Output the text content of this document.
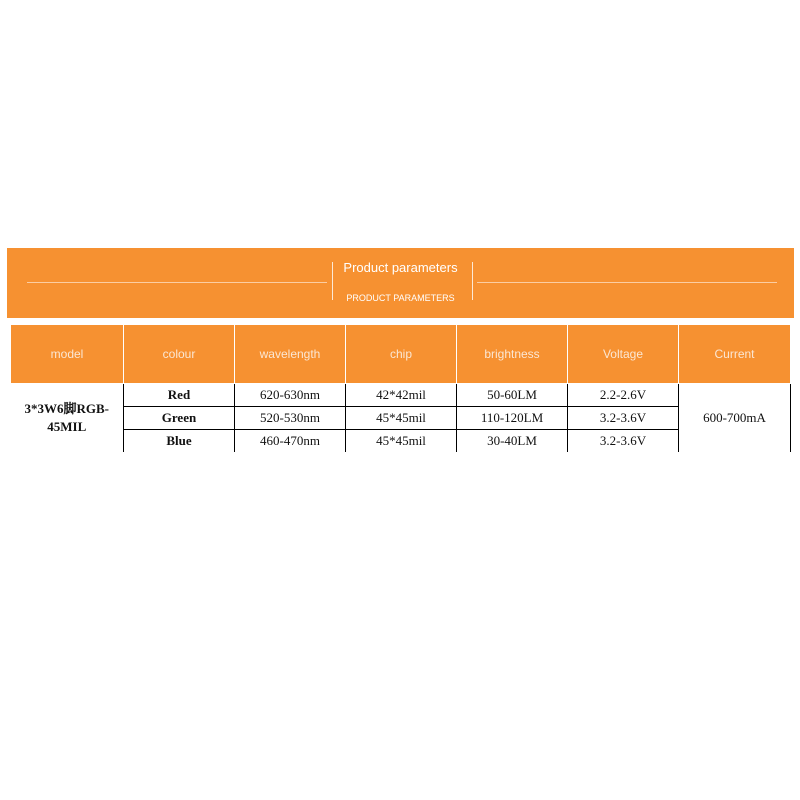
Product parameters
PRODUCT PARAMETERS
model	colour	wavelength	chip	brightness	Voltage	Current
3*3W6脚RGB-45MIL	Red	620-630nm	42*42mil	50-60LM	2.2-2.6V	600-700mA
	Green	520-530nm	45*45mil	110-120LM	3.2-3.6V	
	Blue	460-470nm	45*45mil	30-40LM	3.2-3.6V	
